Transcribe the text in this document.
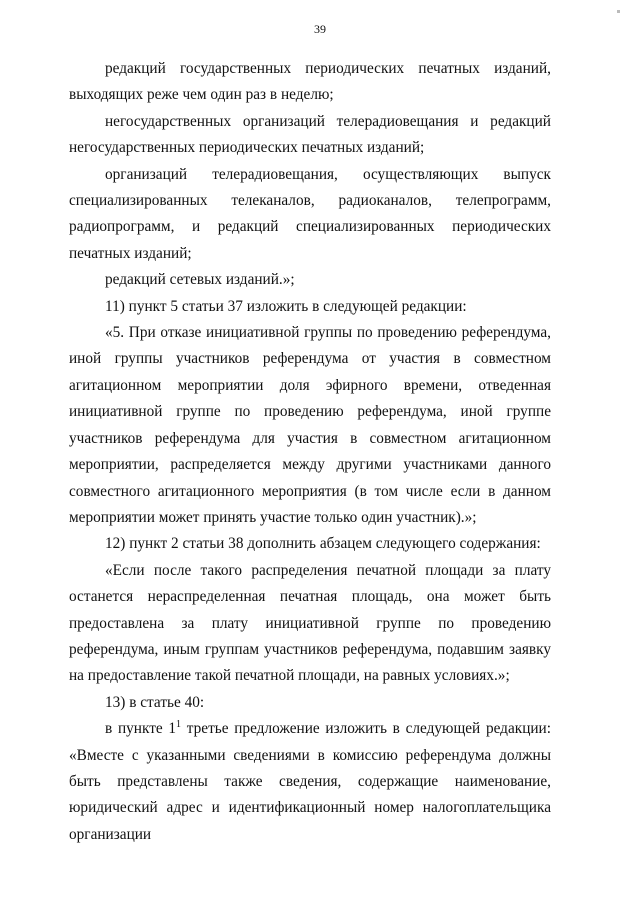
39

редакций государственных периодических печатных изданий, выходящих реже чем один раз в неделю;

негосударственных организаций телерадиовещания и редакций негосударственных периодических печатных изданий;

организаций телерадиовещания, осуществляющих выпуск специализированных телеканалов, радиоканалов, телепрограмм, радиопрограмм, и редакций специализированных периодических печатных изданий;

редакций сетевых изданий.»;

11) пункт 5 статьи 37 изложить в следующей редакции:

«5. При отказе инициативной группы по проведению референдума, иной группы участников референдума от участия в совместном агитационном мероприятии доля эфирного времени, отведенная инициативной группе по проведению референдума, иной группе участников референдума для участия в совместном агитационном мероприятии, распределяется между другими участниками данного совместного агитационного мероприятия (в том числе если в данном мероприятии может принять участие только один участник).»;

12) пункт 2 статьи 38 дополнить абзацем следующего содержания:

«Если после такого распределения печатной площади за плату останется нераспределенная печатная площадь, она может быть предоставлена за плату инициативной группе по проведению референдума, иным группам участников референдума, подавшим заявку на предоставление такой печатной площади, на равных условиях.»;

13) в статье 40:

в пункте $1^1$ третье предложение изложить в следующей редакции: «Вместе с указанными сведениями в комиссию референдума должны быть представлены также сведения, содержащие наименование, юридический адрес и идентификационный номер налогоплательщика организации
